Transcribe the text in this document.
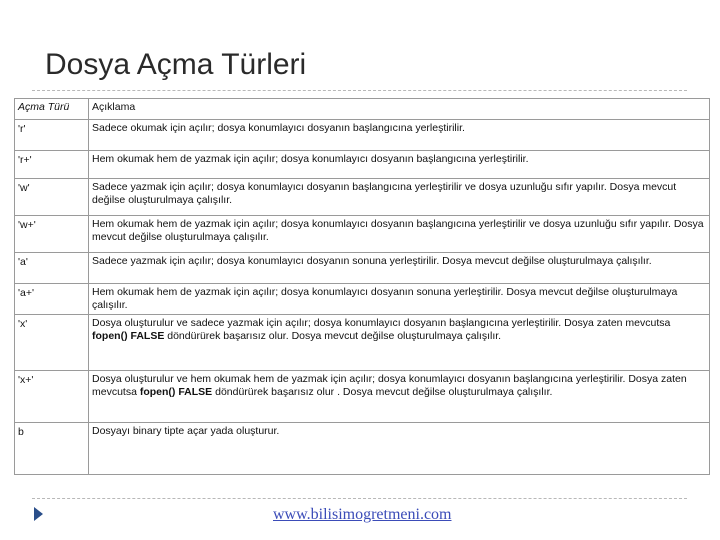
Dosya Açma Türleri
Açma Türü	Açıklama
'r'	Sadece okumak için açılır; dosya konumlayıcı dosyanın başlangıcına yerleştirilir.
'r+'	Hem okumak hem de yazmak için açılır; dosya konumlayıcı dosyanın başlangıcına yerleştirilir.
'w'	Sadece yazmak için açılır; dosya konumlayıcı dosyanın başlangıcına yerleştirilir ve dosya uzunluğu sıfır yapılır. Dosya mevcut değilse oluşturulmaya çalışılır.
'w+'	Hem okumak hem de yazmak için açılır; dosya konumlayıcı dosyanın başlangıcına yerleştirilir ve dosya uzunluğu sıfır yapılır. Dosya mevcut değilse oluşturulmaya çalışılır.
'a'	Sadece yazmak için açılır; dosya konumlayıcı dosyanın sonuna yerleştirilir. Dosya mevcut değilse oluşturulmaya çalışılır.
'a+'	Hem okumak hem de yazmak için açılır; dosya konumlayıcı dosyanın sonuna yerleştirilir. Dosya mevcut değilse oluşturulmaya çalışılır.
'x'	Dosya oluşturulur ve sadece yazmak için açılır; dosya konumlayıcı dosyanın başlangıcına yerleştirilir. Dosya zaten mevcutsa fopen() FALSE döndürürek başarısız olur. Dosya mevcut değilse oluşturulmaya çalışılır.
'x+'	Dosya oluşturulur ve hem okumak hem de yazmak için açılır; dosya konumlayıcı dosyanın başlangıcına yerleştirilir. Dosya zaten mevcutsa fopen() FALSE döndürürek başarısız olur . Dosya mevcut değilse oluşturulmaya çalışılır.
b	Dosyayı binary tipte açar yada oluşturur.
www.bilisimogretmeni.com
